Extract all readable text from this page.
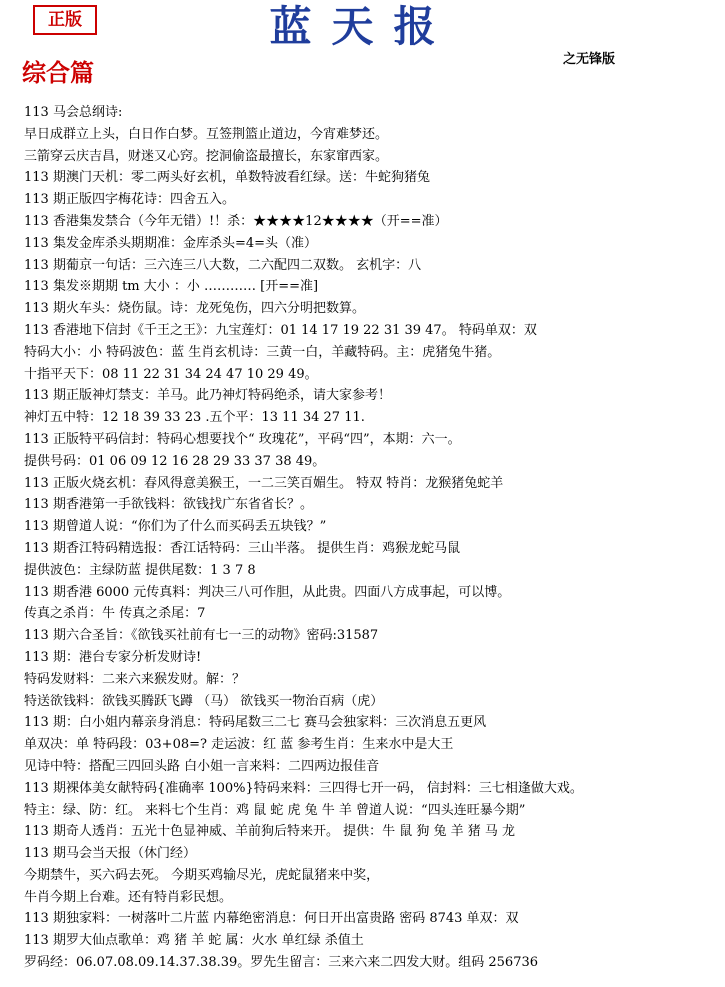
正版	蓝天报
之无锋版
综合篇
113 马会总纲诗:
早日成群立上头，白日作白梦。互签荆篮止道边，今宵难梦还。
三箭穿云庆吉昌，财迷又心窍。挖洞偷盗最擅长，东家窜西家。
113 期澳门天机：零二两头好玄机，单数特波看红绿。送：牛蛇狗猪兔
113 期正版四字梅花诗：四舍五入。
113 香港集发禁合（今年无错）!！杀：★★★★12★★★★（开==准）
113 集发金库杀头期期准：金库杀头=4=头（准）
113 期葡京一句话：三六连三八大数，二六配四二双数。 玄机字：八
113 集发※期期 tm 大小 ：小 ………… [开==准]
113 期火车头：烧伤鼠。诗：龙死兔伤，四六分明把数算。
113 香港地下信封《千王之王》：九宝莲灯：01 14 17 19 22 31 39 47。 特码单双：双
特码大小：小 特码波色：蓝 生肖玄机诗：三黄一白，羊藏特码。主：虎猪兔牛猪。
十指平天下：08 11 22 31 34 24 47 10 29 49。
113 期正版神灯禁支：羊马。此乃神灯特码绝杀，请大家参考！
神灯五中特：12 18 39 33 23 .五个平：13 11 34 27 11.
113 正版特平码信封：特码心想要找个“ 玫瑰花”，平码“四”，本期：六一。
提供号码：01 06 09 12 16 28 29 33 37 38 49。
113 正版火烧玄机：春风得意美猴王，一二三笑百媚生。 特双 特肖：龙猴猪兔蛇羊
113 期香港第一手欲钱料：欲钱找广东省省长？。
113 期曾道人说：“你们为了什么而买码丢五块钱？”
113 期香江特码精选报：香江话特码：三山半落。 提供生肖：鸡猴龙蛇马鼠
提供波色：主绿防蓝 提供尾数：1 3 7 8
113 期香港 6000 元传真料：判决三八可作胆，从此贵。四面八方成事起，可以博。
传真之杀肖：牛 传真之杀尾：7
113 期六合圣旨：《欲钱买社前有七一三的动物》密码:31587
113 期：港台专家分析发财诗!
特码发财料：二来六来猴发财。解：？
特送欲钱料：欲钱买腾跃飞蹲 （马） 欲钱买一物治百病（虎）
113 期：白小姐内幕亲身消息：特码尾数三二七 赛马会独家料：三次消息五更风
单双决：单 特码段：03+08=? 走运波：红 蓝 参考生肖：生来水中是大王
见诗中特：搭配三四回头路 白小姐一言来料：二四两边报佳音
113 期裸体美女献特码{准确率 100%}特码来料：三四得七开一码， 信封料：三七相逢做大戏。
特主：绿、防：红。 来料七个生肖：鸡 鼠 蛇 虎 兔 牛 羊 曾道人说：“四头连旺暴今期”
113 期奇人透肖：五光十色显神威、羊前狗后特来开。 提供：牛 鼠 狗 兔 羊 猪 马 龙
113 期马会当天报（休门经）
今期禁牛，买六码去死。 今期买鸡输尽光，虎蛇鼠猪来中奖，
牛肖今期上台难。还有特肖彩民想。
113 期独家料：一树落叶二片蓝 内幕绝密消息：何日开出富贵路 密码 8743 单双：双
113 期罗大仙点歌单：鸡 猪 羊 蛇 属：火水 单红绿 杀值土
罗码经：06.07.08.09.14.37.38.39。罗先生留言：三来六来二四发大财。组码 256736
